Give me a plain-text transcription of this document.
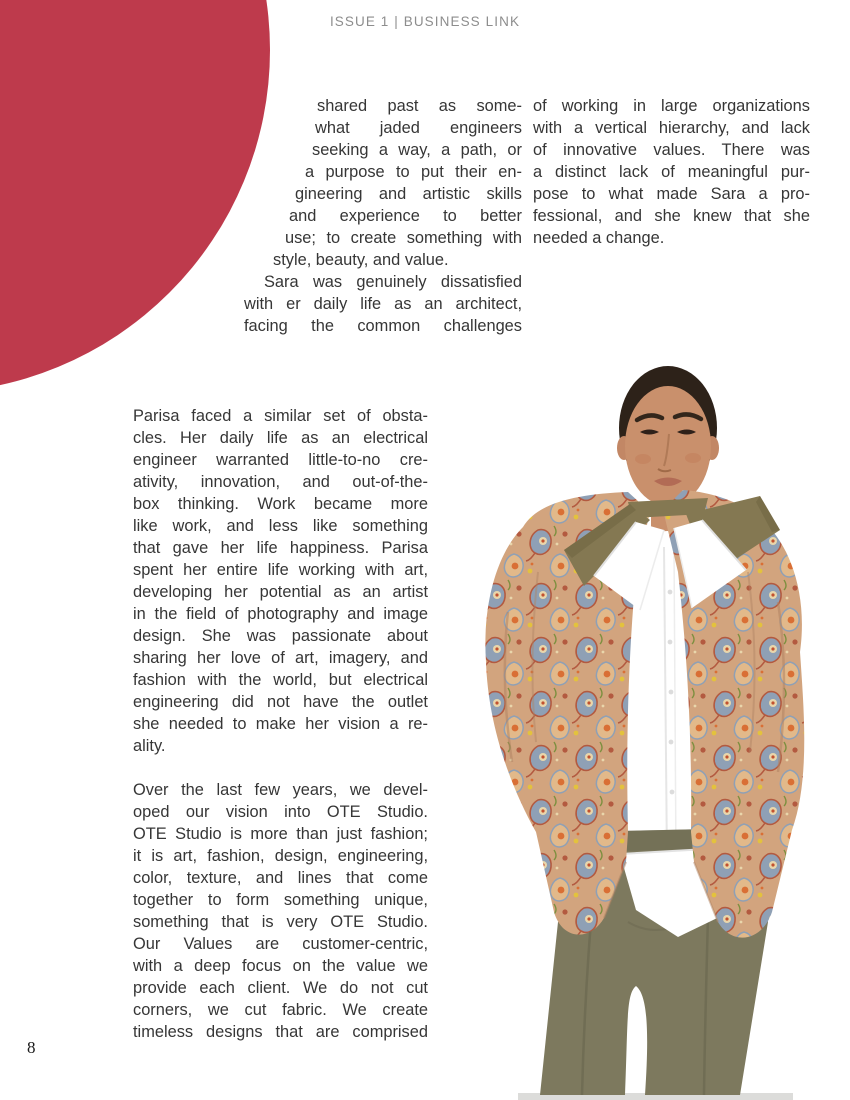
ISSUE 1 | BUSINESS LINK
shared past as some-
what jaded engineers
seeking a way, a path, or
a purpose to put their en-
gineering and artistic skills
and experience to better
use; to create something with
style, beauty, and value.
Sara was genuinely dissatisfied
with er daily life as an architect,
facing the common challenges
of working in large organizations
with a vertical hierarchy, and lack
of innovative values. There was
a distinct lack of meaningful pur-
pose to what made Sara a pro-
fessional, and she knew that she
needed a change.
Parisa faced a similar set of obsta-
cles. Her daily life as an electrical
engineer warranted little-to-no cre-
ativity, innovation, and out-of-the-
box thinking. Work became more
like work, and less like something
that gave her life happiness. Parisa
spent her entire life working with art,
developing her potential as an artist
in the field of photography and image
design. She was passionate about
sharing her love of art, imagery, and
fashion with the world, but electrical
engineering did not have the outlet
she needed to make her vision a re-
ality.
Over the last few years, we devel-
oped our vision into OTE Studio.
OTE Studio is more than just fashion;
it is art, fashion, design, engineering,
color, texture, and lines that come
together to form something unique,
something that is very OTE Studio.
Our Values are customer-centric,
with a deep focus on the value we
provide each client. We do not cut
corners, we cut fabric. We create
timeless designs that are comprised
8
